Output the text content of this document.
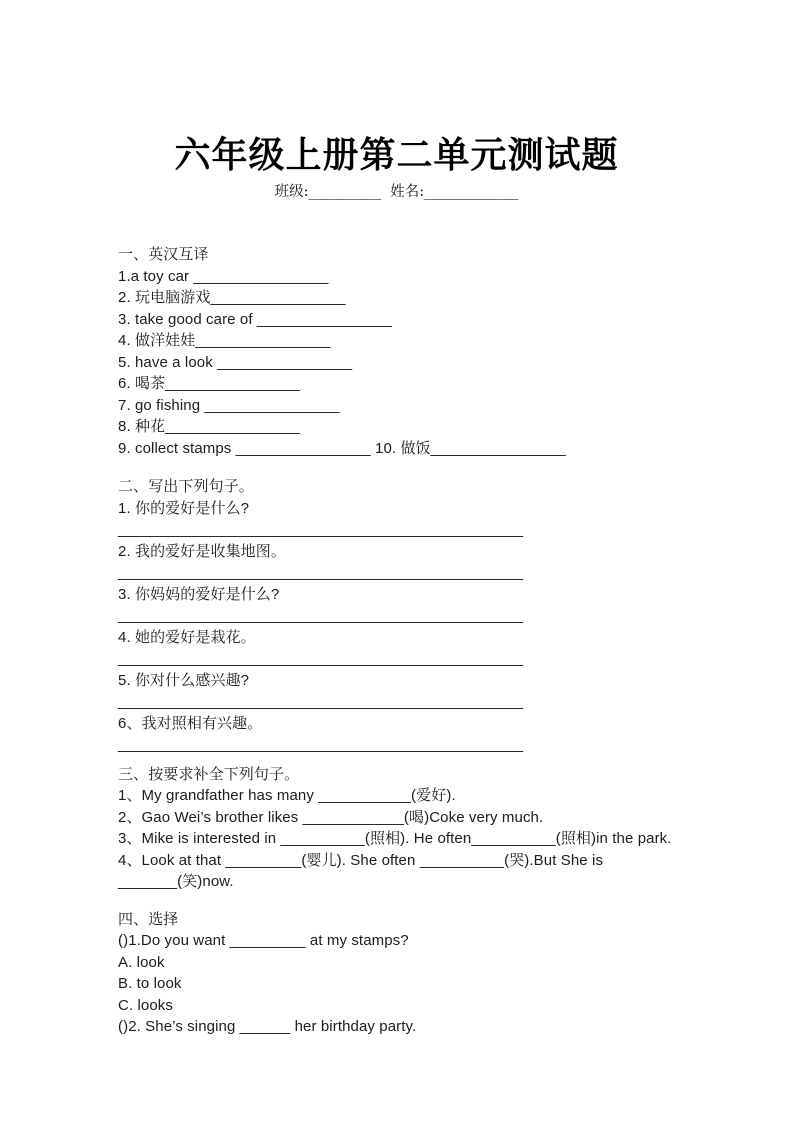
六年级上册第二单元测试题
班级:__________  姓名:_____________
一、英汉互译
1.a toy car ________________
2. 玩电脑游戏________________
3. take good care of ________________
4. 做洋娃娃________________
5. have a look ________________
6. 喝茶________________
7. go fishing ________________
8. 种花________________
9. collect stamps ________________ 10. 做饭________________
二、写出下列句子。
1. 你的爱好是什么?
________________________________________________
2. 我的爱好是收集地图。
________________________________________________
3. 你妈妈的爱好是什么?
________________________________________________
4. 她的爱好是栽花。
________________________________________________
5. 你对什么感兴趣?
________________________________________________
6、我对照相有兴趣。
________________________________________________
三、按要求补全下列句子。
1、My grandfather has many ___________(爱好).
2、Gao Wei’s brother likes ____________(喝)Coke very much.
3、Mike is interested in __________(照相). He often__________(照相)in the park.
4、Look at that _________(婴儿). She often __________(哭).But She is _______(笑)now.
四、选择
()1.Do you want _________ at my stamps?
A. look
B. to look
C. looks
()2. She’s singing ______ her birthday party.
